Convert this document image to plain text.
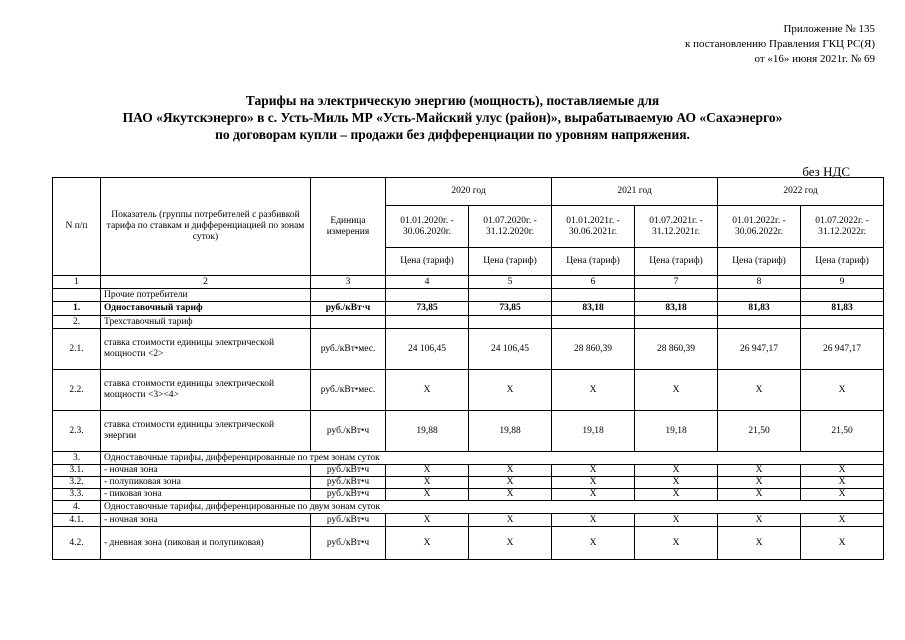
Приложение № 135
к постановлению Правления ГКЦ РС(Я)
от «16» июня 2021г. № 69
Тарифы на электрическую энергию (мощность), поставляемые для
ПАО «Якутскэнерго» в с. Усть-Миль МР «Усть-Майский улус (район)», вырабатываемую АО «Сахаэнерго»
по договорам купли – продажи без дифференциации по уровням напряжения.
без НДС
N п/п	Показатель (группы потребителей с разбивкой тарифа по ставкам и дифференциацией по зонам суток)	Единица измерения	2020 год		2021 год		2022 год	
			01.01.2020г. - 30.06.2020г.	01.07.2020г. - 31.12.2020г.	01.01.2021г. - 30.06.2021г.	01.07.2021г. - 31.12.2021г.	01.01.2022г. - 30.06.2022г.	01.07.2022г. - 31.12.2022г.
			Цена (тариф)	Цена (тариф)	Цена (тариф)	Цена (тариф)	Цена (тариф)	Цена (тариф)
1	2	3	4	5	6	7	8	9
	Прочие потребители							
1.	Одноставочный тариф	руб./кВт·ч	73,85	73,85	83,18	83,18	81,83	81,83
2.	Трехставочный тариф							
2.1.	ставка стоимости единицы электрической мощности <2>	руб./кВт•мес.	24 106,45	24 106,45	28 860,39	28 860,39	26 947,17	26 947,17
2.2.	ставка стоимости единицы электрической мощности <3><4>	руб./кВт•мес.	X	X	X	X	X	X
2.3.	ставка стоимости единицы электрической энергии	руб./кВт•ч	19,88	19,88	19,18	19,18	21,50	21,50
3.	Одноставочные тарифы, дифференцированные по трем зонам суток							
3.1.	- ночная зона	руб./кВт•ч	X	X	X	X	X	X
3.2.	- полупиковая зона	руб./кВт•ч	X	X	X	X	X	X
3.3.	- пиковая зона	руб./кВт•ч	X	X	X	X	X	X
4.	Одноставочные тарифы, дифференцированные по двум зонам суток							
4.1.	- ночная зона	руб./кВт•ч	X	X	X	X	X	X
4.2.	- дневная зона (пиковая и полупиковая)	руб./кВт•ч	X	X	X	X	X	X
